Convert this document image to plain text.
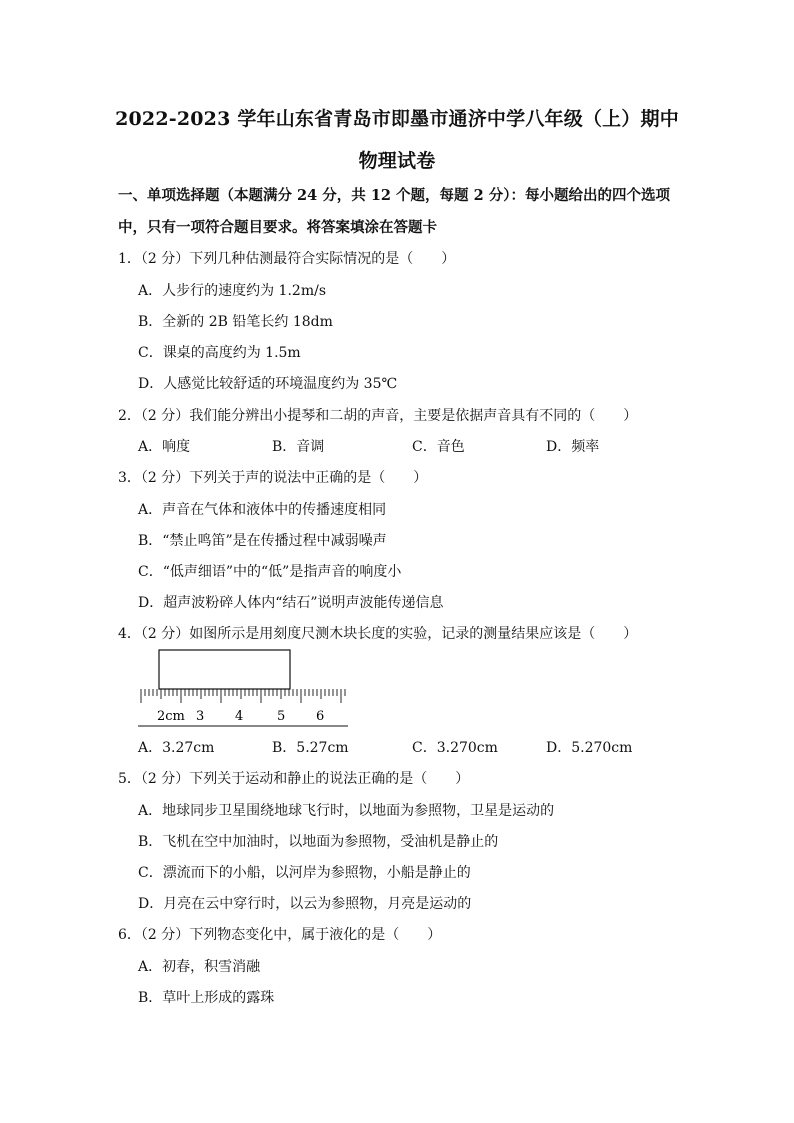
2022-2023 学年山东省青岛市即墨市通济中学八年级（上）期中
物理试卷
一、单项选择题（本题满分 24 分，共 12 个题，每题 2 分）：每小题给出的四个选项中，只有一项符合题目要求。将答案填涂在答题卡
1．（2 分）下列几种估测最符合实际情况的是（　　）
A．人步行的速度约为 1.2m/s
B．全新的 2B 铅笔长约 18dm
C．课桌的高度约为 1.5m
D．人感觉比较舒适的环境温度约为 35℃
2．（2 分）我们能分辨出小提琴和二胡的声音，主要是依据声音具有不同的（　　）
A．响度	B．音调	C．音色	D．频率
3．（2 分）下列关于声的说法中正确的是（　　）
A．声音在气体和液体中的传播速度相同
B．“禁止鸣笛”是在传播过程中减弱噪声
C．“低声细语”中的“低”是指声音的响度小
D．超声波粉碎人体内“结石”说明声波能传递信息
4．（2 分）如图所示是用刻度尺测木块长度的实验，记录的测量结果应该是（　　）
2cm 3 4	5 6
A．3.27cm	B．5.27cm	C．3.270cm	D．5.270cm
5．（2 分）下列关于运动和静止的说法正确的是（　　）
A．地球同步卫星围绕地球飞行时，以地面为参照物，卫星是运动的
B．飞机在空中加油时，以地面为参照物，受油机是静止的
C．漂流而下的小船，以河岸为参照物，小船是静止的
D．月亮在云中穿行时，以云为参照物，月亮是运动的
6．（2 分）下列物态变化中，属于液化的是（　　）
A．初春，积雪消融
B．草叶上形成的露珠
